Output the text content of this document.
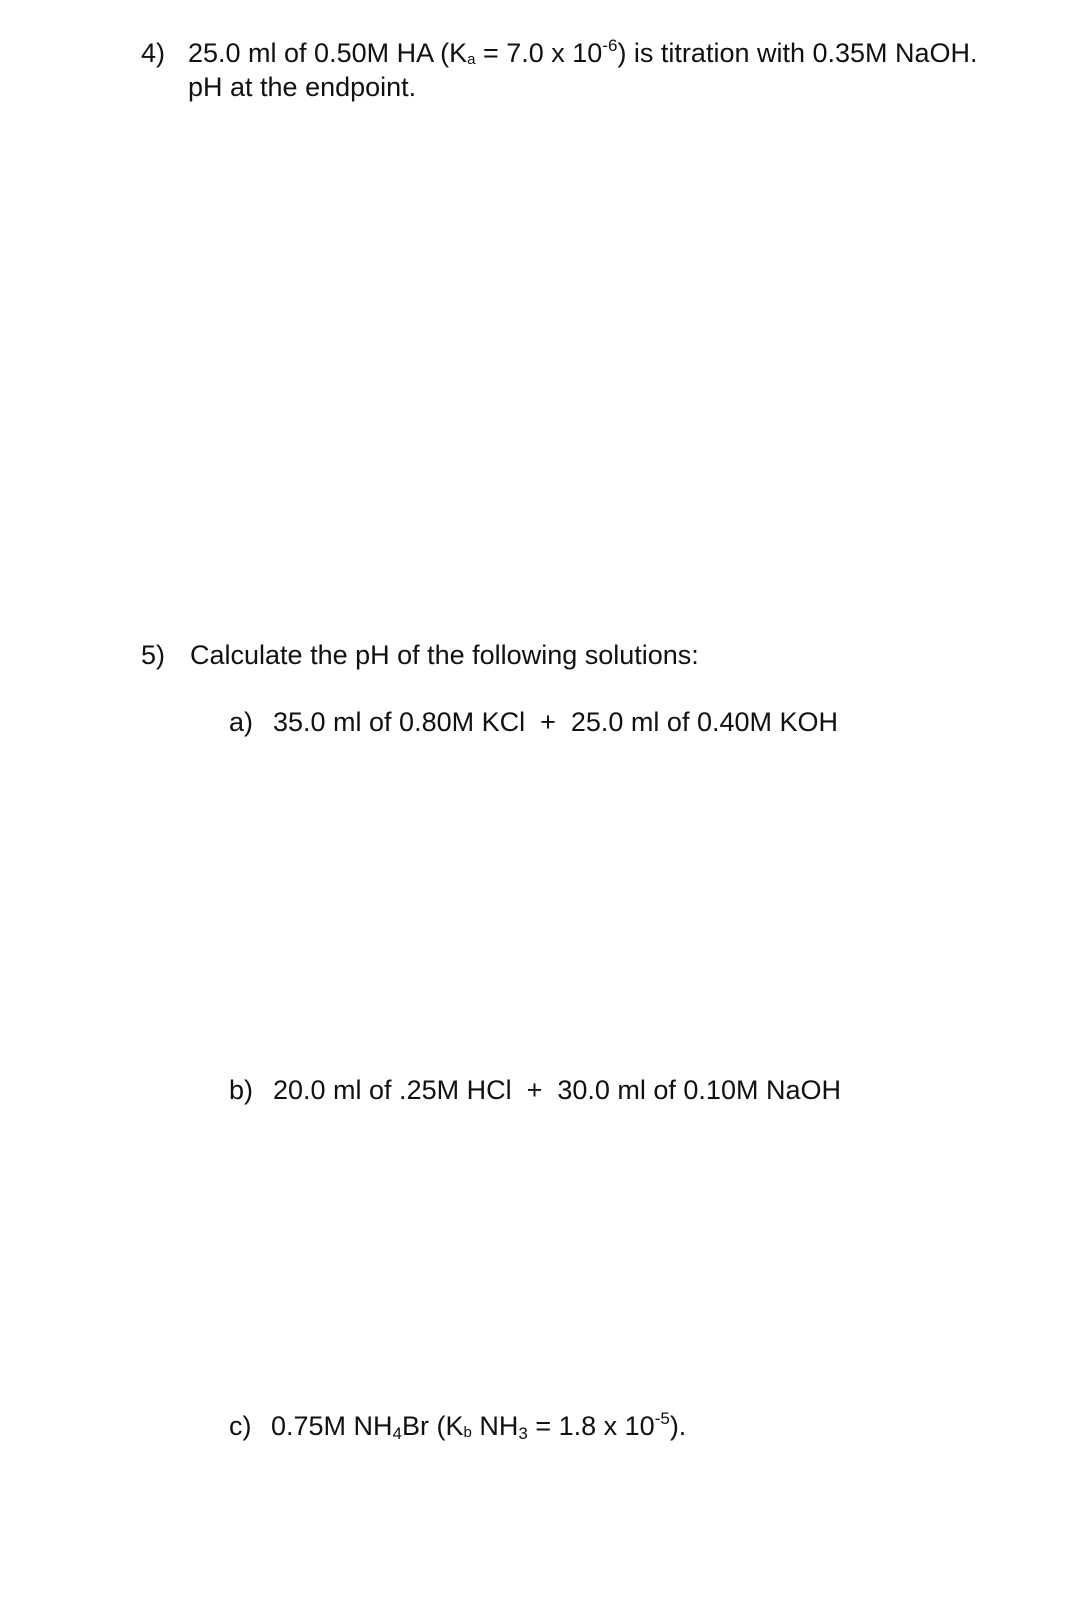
4) 25.0 ml of 0.50M HA ($K_a = 7.0$ x $10^{-6}$) is titration with 0.35M NaOH.
pH at the endpoint.
5) Calculate the pH of the following solutions:
a) 35.0 ml of 0.80M KCl  +  25.0 ml of 0.40M KOH
b) 20.0 ml of .25M HCl  +  30.0 ml of 0.10M NaOH
c) 0.75M $NH_4Br$ ($K_b$ $NH_3 = 1.8$ x $10^{-5}$).
